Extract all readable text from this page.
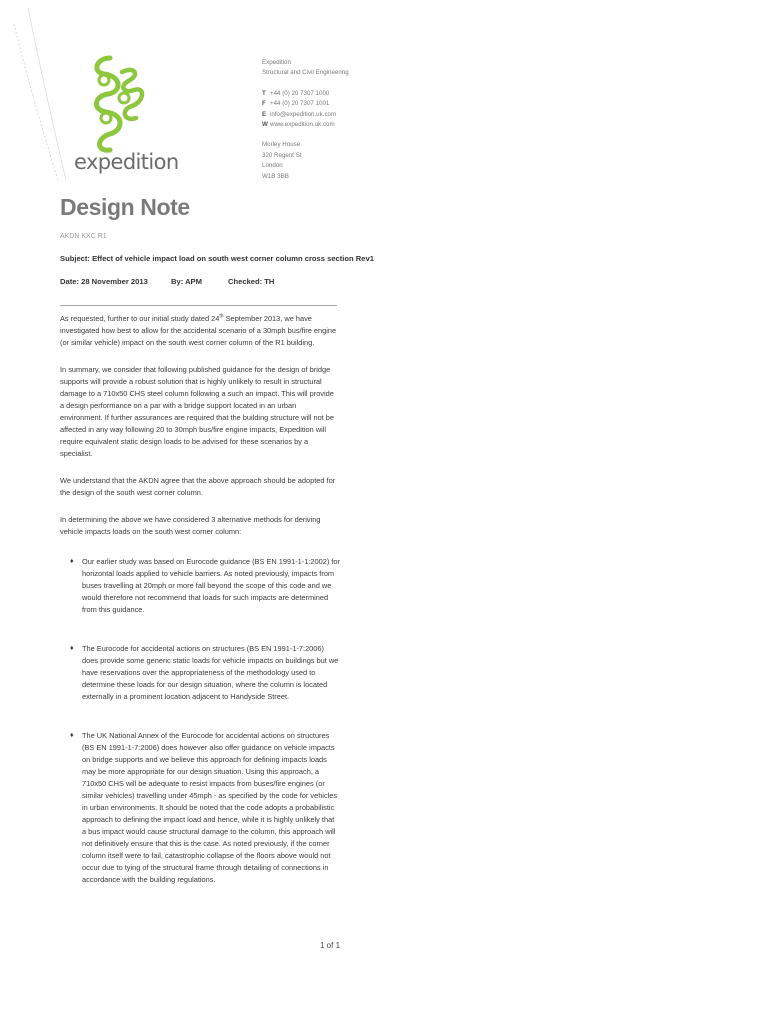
expedition
Expedition
Structural and Civil Engineering
T +44 (0) 20 7307 1000
F +44 (0) 20 7307 1001
E info@expedition.uk.com
W www.expedition.uk.com
Morley House
320 Regent St
London
W1B 3BB
Design Note
AKDN KXC R1
Subject: Effect of vehicle impact load on south west corner column cross section Rev1
Date: 28 November 2013	By: APM	Checked: TH

As requested, further to our initial study dated 24th September 2013, we have investigated how best to allow for the accidental scenario of a 30mph bus/fire engine (or similar vehicle) impact on the south west corner column of the R1 building.

In summary, we consider that following published guidance for the design of bridge supports will provide a robust solution that is highly unlikely to result in structural damage to a 710x50 CHS steel column following a such an impact. This will provide a design performance on a par with a bridge support located in an urban environment. If further assurances are required that the building structure will not be affected in any way following 20 to 30mph bus/fire engine impacts, Expedition will require equivalent static design loads to be advised for these scenarios by a specialist.

We understand that the AKDN agree that the above approach should be adopted for the design of the south west corner column.

In determining the above we have considered 3 alternative methods for deriving vehicle impacts loads on the south west corner column:

♦ Our earlier study was based on Eurocode guidance (BS EN 1991-1-1:2002) for horizontal loads applied to vehicle barriers. As noted previously, impacts from buses travelling at 20mph or more fall beyond the scope of this code and we would therefore not recommend that loads for such impacts are determined from this guidance.
♦ The Eurocode for accidental actions on structures (BS EN 1991-1-7:2006) does provide some generic static loads for vehicle impacts on buildings but we have reservations over the appropriateness of the methodology used to determine these loads for our design situation, where the column is located externally in a prominent location adjacent to Handyside Street.
♦ The UK National Annex of the Eurocode for accidental actions on structures (BS EN 1991-1-7:2006) does however also offer guidance on vehicle impacts on bridge supports and we believe this approach for defining impacts loads may be more appropriate for our design situation. Using this approach, a 710x50 CHS will be adequate to resist impacts from buses/fire engines (or similar vehicles) travelling under 45mph - as specified by the code for vehicles in urban environments. It should be noted that the code adopts a probabilistic approach to defining the impact load and hence, while it is highly unlikely that a bus impact would cause structural damage to the column, this approach will not definitively ensure that this is the case. As noted previously, if the corner column itself were to fail, catastrophic collapse of the floors above would not occur due to tying of the structural frame through detailing of connections in accordance with the building regulations.
1 of 1
